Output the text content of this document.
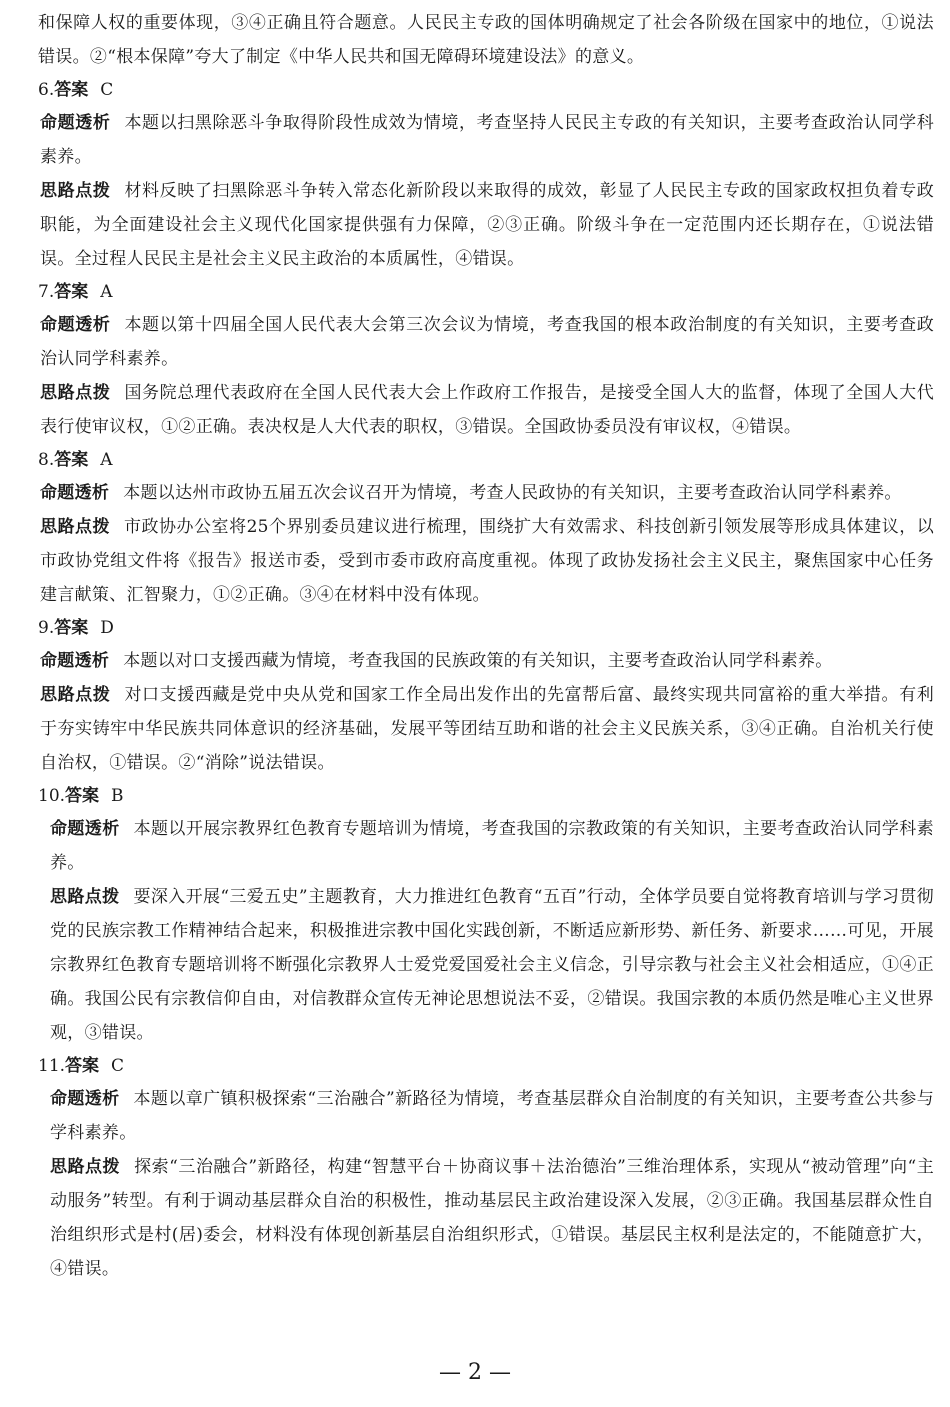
和保障人权的重要体现，③④正确且符合题意。人民民主专政的国体明确规定了社会各阶级在国家中的地位，①说法错误。②“根本保障”夸大了制定《中华人民共和国无障碍环境建设法》的意义。

6.答案 C

命题透析 本题以扫黑除恶斗争取得阶段性成效为情境，考查坚持人民民主专政的有关知识，主要考查政治认同学科素养。

思路点拨 材料反映了扫黑除恶斗争转入常态化新阶段以来取得的成效，彰显了人民民主专政的国家政权担负着专政职能，为全面建设社会主义现代化国家提供强有力保障，②③正确。阶级斗争在一定范围内还长期存在，①说法错误。全过程人民民主是社会主义民主政治的本质属性，④错误。

7.答案 A

命题透析 本题以第十四届全国人民代表大会第三次会议为情境，考查我国的根本政治制度的有关知识，主要考查政治认同学科素养。

思路点拨 国务院总理代表政府在全国人民代表大会上作政府工作报告，是接受全国人大的监督，体现了全国人大代表行使审议权，①②正确。表决权是人大代表的职权，③错误。全国政协委员没有审议权，④错误。

8.答案 A

命题透析 本题以达州市政协五届五次会议召开为情境，考查人民政协的有关知识，主要考查政治认同学科素养。

思路点拨 市政协办公室将25个界别委员建议进行梳理，围绕扩大有效需求、科技创新引领发展等形成具体建议，以市政协党组文件将《报告》报送市委，受到市委市政府高度重视。体现了政协发扬社会主义民主，聚焦国家中心任务建言献策、汇智聚力，①②正确。③④在材料中没有体现。

9.答案 D

命题透析 本题以对口支援西藏为情境，考查我国的民族政策的有关知识，主要考查政治认同学科素养。

思路点拨 对口支援西藏是党中央从党和国家工作全局出发作出的先富帮后富、最终实现共同富裕的重大举措。有利于夯实铸牢中华民族共同体意识的经济基础，发展平等团结互助和谐的社会主义民族关系，③④正确。自治机关行使自治权，①错误。②“消除”说法错误。

10.答案 B

命题透析 本题以开展宗教界红色教育专题培训为情境，考查我国的宗教政策的有关知识，主要考查政治认同学科素养。

思路点拨 要深入开展“三爱五史”主题教育，大力推进红色教育“五百”行动，全体学员要自觉将教育培训与学习贯彻党的民族宗教工作精神结合起来，积极推进宗教中国化实践创新，不断适应新形势、新任务、新要求……可见，开展宗教界红色教育专题培训将不断强化宗教界人士爱党爱国爱社会主义信念，引导宗教与社会主义社会相适应，①④正确。我国公民有宗教信仰自由，对信教群众宣传无神论思想说法不妥，②错误。我国宗教的本质仍然是唯心主义世界观，③错误。

11.答案 C

命题透析 本题以章广镇积极探索“三治融合”新路径为情境，考查基层群众自治制度的有关知识，主要考查公共参与学科素养。

思路点拨 探索“三治融合”新路径，构建“智慧平台＋协商议事＋法治德治”三维治理体系，实现从“被动管理”向“主动服务”转型。有利于调动基层群众自治的积极性，推动基层民主政治建设深入发展，②③正确。我国基层群众性自治组织形式是村(居)委会，材料没有体现创新基层自治组织形式，①错误。基层民主权利是法定的，不能随意扩大，④错误。

— 2 —
